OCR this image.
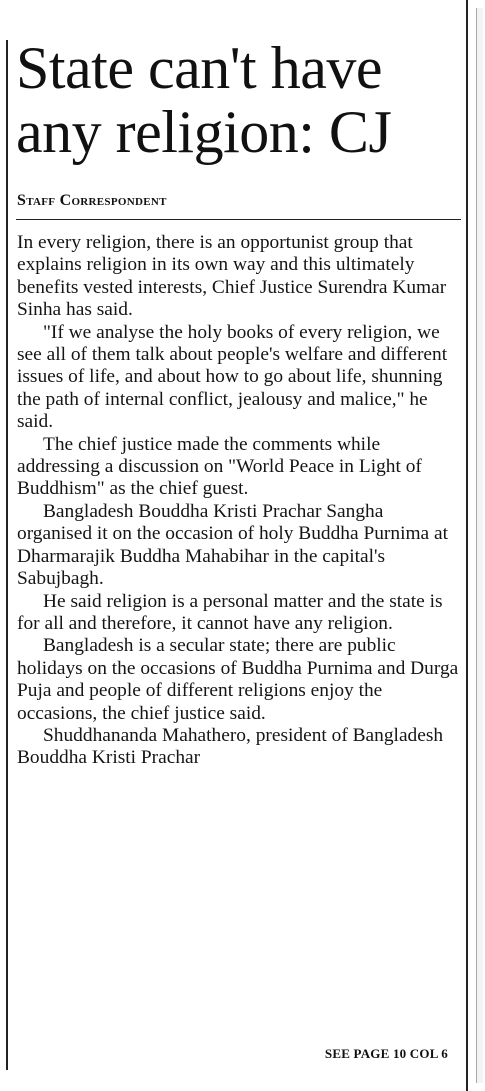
State can't have any religion: CJ
Staff Correspondent

In every religion, there is an opportunist group that explains religion in its own way and this ultimately benefits vested interests, Chief Justice Surendra Kumar Sinha has said.

"If we analyse the holy books of every religion, we see all of them talk about people's welfare and different issues of life, and about how to go about life, shunning the path of internal conflict, jealousy and malice," he said.

The chief justice made the comments while addressing a discussion on "World Peace in Light of Buddhism" as the chief guest.

Bangladesh Bouddha Kristi Prachar Sangha organised it on the occasion of holy Buddha Purnima at Dharmarajik Buddha Mahabihar in the capital's Sabujbagh.

He said religion is a personal matter and the state is for all and therefore, it cannot have any religion.

Bangladesh is a secular state; there are public holidays on the occasions of Buddha Purnima and Durga Puja and people of different religions enjoy the occasions, the chief justice said.

Shuddhananda Mahathero, president of Bangladesh Bouddha Kristi Prachar

SEE PAGE 10 COL 6
